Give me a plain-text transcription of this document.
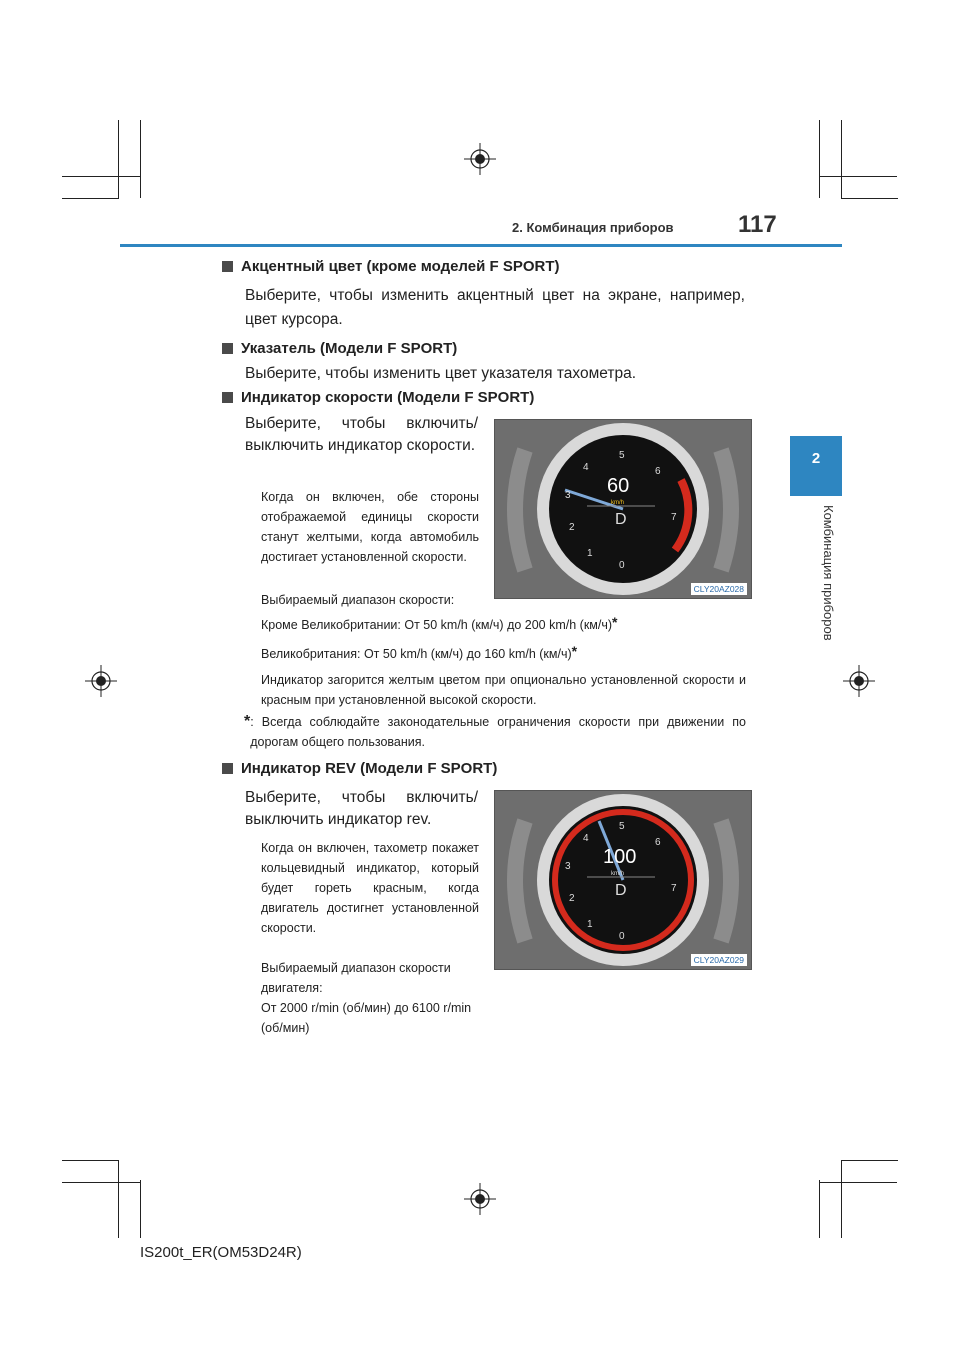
2. Комбинация приборов	117
2
Комбинация приборов
Акцентный цвет (кроме моделей F SPORT)
Выберите, чтобы изменить акцентный цвет на экране, например, цвет курсора.
Указатель (Модели F SPORT)
Выберите, чтобы изменить цвет указателя тахометра.
Индикатор скорости (Модели F SPORT)
Выберите, чтобы включить/ выключить индикатор скорости.
Когда он включен, обе стороны отображаемой единицы скорости станут желтыми, когда автомобиль достигает установленной скорости.
Выбираемый диапазон скорости:
Кроме Великобритании: От 50 km/h (км/ч) до 200 km/h (км/ч)*
Великобритания: От 50 km/h (км/ч) до 160 km/h (км/ч)*
Индикатор загорится желтым цветом при опционально установленной скорости и красным при установленной высокой скорости.
* : Всегда соблюдайте законодательные ограничения скорости при движении по дорогам общего пользования.
Индикатор REV (Модели F SPORT)
Выберите, чтобы включить/ выключить индикатор rev.
Когда он включен, тахометр покажет кольцевидный индикатор, который будет гореть красным, когда двигатель достигнет установленной скорости.
Выбираемый диапазон скорости двигателя:
От 2000 r/min (об/мин) до 6100 r/min (об/мин)
60
km/h
D
0
1
2
3
4
5
6
7
CLY20AZ028
100
km/h
D
0
1
2
3
4
5
6
7
CLY20AZ029
IS200t_ER(OM53D24R)
